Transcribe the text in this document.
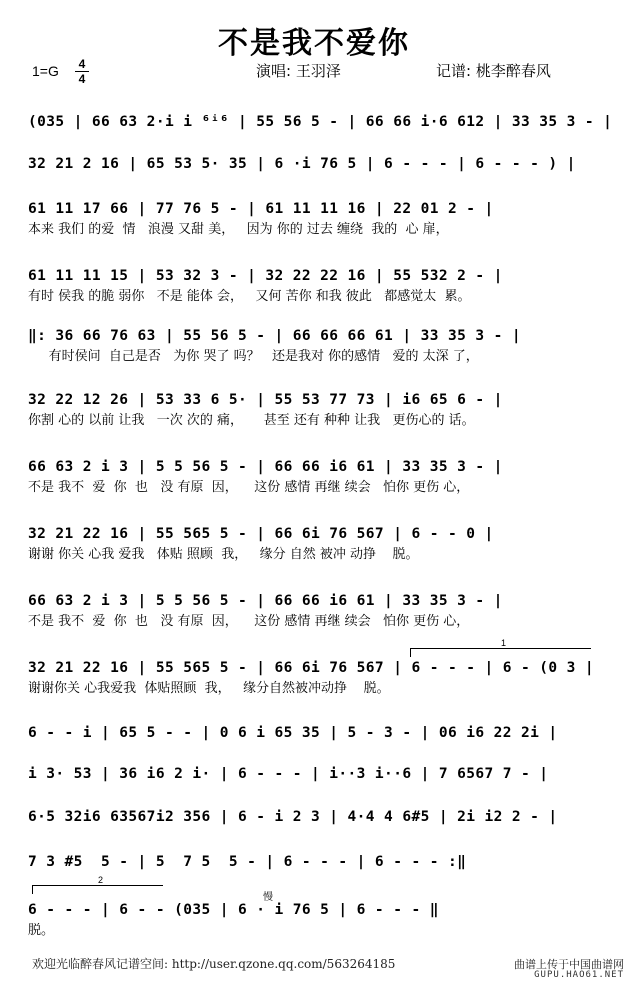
不是我不爱你
1=G	4
4	演唱: 王羽泽	记谱: 桃李醉春风
(035 | 66 63 2·i i ⁶ⁱ⁶ | 55 56 5 - | 66 66 i·6 612 | 33 35 3 - |
32 21 2 16 | 65 53 5· 35 | 6 ·i 76 5 | 6 - - - | 6 - - - ) |
61 11 17 66 | 77 76 5 - | 61 11 11 16 | 22 01 2 - |
本来 我们 的爱  情   浪漫 又甜 美，   因为 你的 过去 缠绕  我的  心 扉，
61 11 11 15 | 53 32 3 - | 32 22 22 16 | 55 532 2 - |
有时 侯我 的脆 弱你   不是 能体 会，   又何 苦你 和我 彼此   都感觉太  累。
‖: 36 66 76 63 | 55 56 5 - | 66 66 66 61 | 33 35 3 - |
有时侯问  自己是否   为你 哭了 吗？   还是我对 你的感情   爱的 太深 了，
32 22 12 26 | 53 33 6 5· | 55 53 77 73 | i6 65 6 - |
你割 心的 以前 让我   一次 次的 痛，     甚至 还有 种种 让我   更伤心的 话。
66 63 2 i 3 | 5 5 56 5 - | 66 66 i6 61 | 33 35 3 - |
不是 我不  爱  你  也   没 有原  因，    这份 感情 再继 续会   怕你 更伤 心，
32 21 22 16 | 55 565 5 - | 66 6i 76 567 | 6 - - 0 |
谢谢 你关 心我 爱我   体贴 照顾  我，   缘分 自然 被冲 动挣    脱。
66 63 2 i 3 | 5 5 56 5 - | 66 66 i6 61 | 33 35 3 - |
不是 我不  爱  你  也   没 有原  因，    这份 感情 再继 续会   怕你 更伤 心，
32 21 22 16 | 55 565 5 - | 66 6i 76 567 | 6 - - - | 6 - (0 3 |
谢谢你关 心我爱我  体贴照顾  我，   缘分自然被冲动挣    脱。
6 - - i | 65 5 - - | 0 6 i 65 35 | 5 - 3 - | 06 i6 22 2i |
i 3· 53 | 36 i6 2 i· | 6 - - - | i··3 i··6 | 7 6567 7 - |
6·5 32i6 63567i2 356 | 6 - i 2 3 | 4·4 4 6#5 | 2i i2 2 - |
7 3 #5  5 - | 5  7 5  5 - | 6 - - - | 6 - - - :‖
6 - - - | 6 - - (035 | 6 · i 76 5 | 6 - - - ‖
脱。
1
2
慢
欢迎光临醉春风记谱空间: http://user.qzone.qq.com/563264185	曲谱上传于中国曲谱网
GUPU.HAO61.NET
